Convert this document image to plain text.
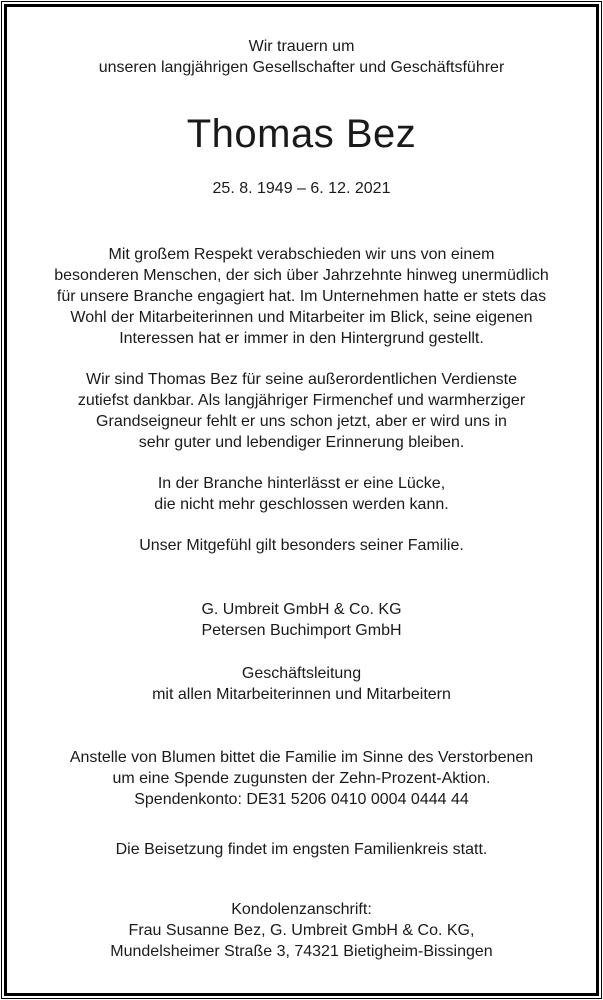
Wir trauern um
unseren langjährigen Gesellschafter und Geschäftsführer
Thomas Bez
25. 8. 1949 – 6. 12. 2021
Mit großem Respekt verabschieden wir uns von einem
besonderen Menschen, der sich über Jahrzehnte hinweg unermüdlich
für unsere Branche engagiert hat. Im Unternehmen hatte er stets das
Wohl der Mitarbeiterinnen und Mitarbeiter im Blick, seine eigenen
Interessen hat er immer in den Hintergrund gestellt.
Wir sind Thomas Bez für seine außerordentlichen Verdienste
zutiefst dankbar. Als langjähriger Firmenchef und warmherziger
Grandseigneur fehlt er uns schon jetzt, aber er wird uns in
sehr guter und lebendiger Erinnerung bleiben.
In der Branche hinterlässt er eine Lücke,
die nicht mehr geschlossen werden kann.
Unser Mitgefühl gilt besonders seiner Familie.
G. Umbreit GmbH & Co. KG
Petersen Buchimport GmbH
Geschäftsleitung
mit allen Mitarbeiterinnen und Mitarbeitern
Anstelle von Blumen bittet die Familie im Sinne des Verstorbenen
um eine Spende zugunsten der Zehn-Prozent-Aktion.
Spendenkonto: DE31 5206 0410 0004 0444 44
Die Beisetzung findet im engsten Familienkreis statt.
Kondolenzanschrift:
Frau Susanne Bez, G. Umbreit GmbH & Co. KG,
Mundelsheimer Straße 3, 74321 Bietigheim-Bissingen
